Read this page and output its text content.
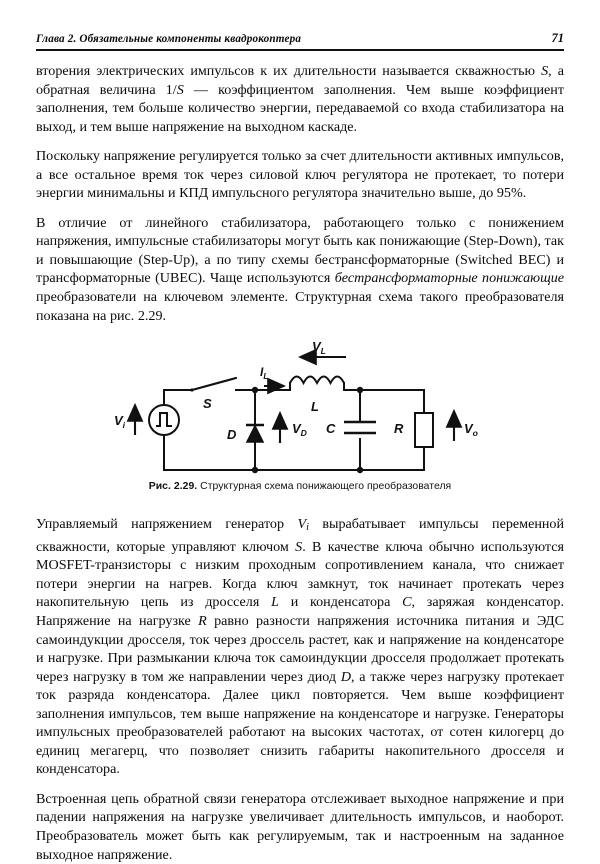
Глава 2. Обязательные компоненты квадрокоптера	71

вторения электрических импульсов к их длительности называется скважностью S, а обратная величина 1/S — коэффициентом заполнения. Чем выше коэффициент заполнения, тем больше количество энергии, передаваемой со входа стабилизатора на выход, и тем выше напряжение на выходном каскаде.

Поскольку напряжение регулируется только за счет длительности активных импульсов, а все остальное время ток через силовой ключ регулятора не протекает, то потери энергии минимальны и КПД импульсного регулятора значительно выше, до 95%.

В отличие от линейного стабилизатора, работающего только с понижением напряжения, импульсные стабилизаторы могут быть как понижающие (Step-Down), так и повышающие (Step-Up), а по типу схемы бестрансформаторные (Switched BEC) и трансформаторные (UBEC). Чаще используются бестрансформаторные понижающие преобразователи на ключевом элементе. Структурная схема такого преобразователя показана на рис. 2.29.

$V_i$
S
D	$V_D$
L
$V_L$
$I_L$
C	R	$V_o$
Рис. 2.29. Структурная схема понижающего преобразователя

Управляемый напряжением генератор $V_i$ вырабатывает импульсы переменной скважности, которые управляют ключом S. В качестве ключа обычно используются MOSFET-транзисторы с низким проходным сопротивлением канала, что снижает потери энергии на нагрев. Когда ключ замкнут, ток начинает протекать через накопительную цепь из дросселя L и конденсатора C, заряжая конденсатор. Напряжение на нагрузке R равно разности напряжения источника питания и ЭДС самоиндукции дросселя, ток через дроссель растет, как и напряжение на конденсаторе и нагрузке. При размыкании ключа ток самоиндукции дросселя продолжает протекать через нагрузку в том же направлении через диод D, а также через нагрузку протекает ток разряда конденсатора. Далее цикл повторяется. Чем выше коэффициент заполнения импульсов, тем выше напряжение на конденсаторе и нагрузке. Генераторы импульсных преобразователей работают на высоких частотах, от сотен килогерц до единиц мегагерц, что позволяет снизить габариты накопительного дросселя и конденсатора.

Встроенная цепь обратной связи генератора отслеживает выходное напряжение и при падении напряжения на нагрузке увеличивает длительность импульсов, и наоборот. Преобразователь может быть как регулируемым, так и настроенным на заданное выходное напряжение.
